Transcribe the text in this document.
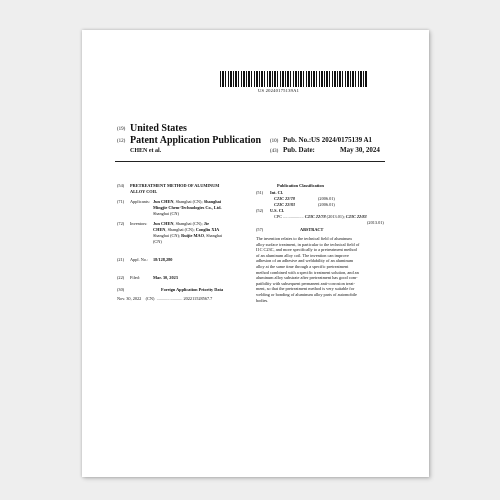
US 20240175139A1
(19) United States
(12) Patent Application Publication
CHEN et al.
(10) Pub. No.: US 2024/0175139 A1
(43) Pub. Date:	May 30, 2024
(54) PRETREATMENT METHOD OF ALUMINUM
ALLOY COIL
(71) Applicants: Jun CHEN, Shanghai (CN); Shanghai
Mingjie Chem-Technologies Co., Ltd.
Shanghai (CN)
(72) Inventors: Jun CHEN, Shanghai (CN); Jie
CHEN, Shanghai (CN); Congliu XIA
Shanghai (CN); Ruijie MAO, Shanghai
(CN)
(21) Appl. No.: 18/128,280
(22) Filed:	Mar. 30, 2023
(30)	Foreign Application Priority Data
Nov. 30, 2022 (CN) ........................ 202211528567.7
Publication Classification
(51) Int. Cl.
C23C 22/78	(2006.01)
C23C 22/83	(2006.01)
(52) U.S. Cl.
CPC ................... C23C 22/78 (2013.01); C23C 22/83
(2013.01)
(57)	ABSTRACT
The invention relates to the technical field of aluminum
alloy surface treatment, in particular to the technical field of
I1C C23C, and more specifically to a pretreatment method
of an aluminum alloy coil. The invention can improve
adhesion of an adhesive and weldability of an aluminum
alloy at the same time through a specific pretreatment
method combined with a specific treatment solution, and an
aluminum alloy substrate after pretreatment has good com-
patibility with subsequent permanent anti-corrosion treat-
ment, so that the pretreatment method is very suitable for
welding or bonding of aluminum alloy parts of automobile
bodies.
